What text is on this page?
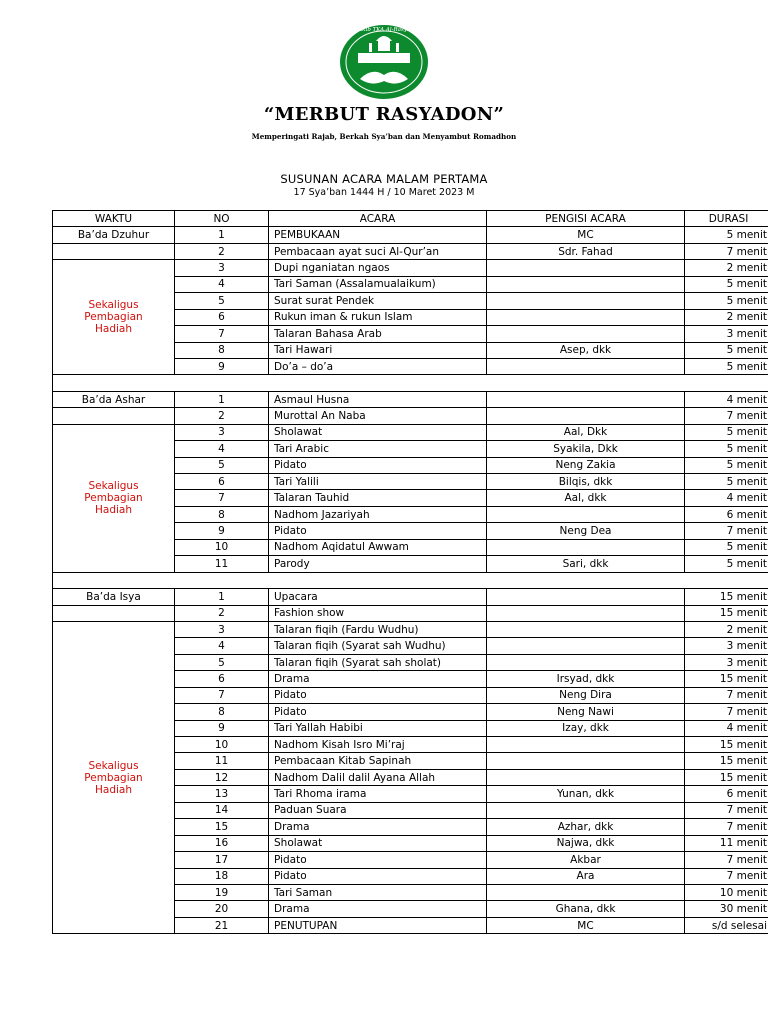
Takib TKA Al-Rasyid
“MERBUT RASYADON”
Memperingati Rajab, Berkah Sya’ban dan Menyambut Romadhon
SUSUNAN ACARA MALAM PERTAMA
17 Sya’ban 1444 H / 10 Maret 2023 M
WAKTU	NO	ACARA	PENGISI ACARA	DURASI
Ba’da Dzuhur	1	PEMBUKAAN	MC	5 menit
	2	Pembacaan ayat suci Al-Qur’an	Sdr. Fahad	7 menit

Sekaligus
Pembagian
Hadiah	3	Dupi nganiatan ngaos		2 menit
	4	Tari Saman (Assalamualaikum)		5 menit
	5	Surat surat Pendek		5 menit
	6	Rukun iman & rukun Islam		2 menit
	7	Talaran Bahasa Arab		3 menit
	8	Tari Hawari	Asep, dkk	5 menit
	9	Do’a – do’a		5 menit

Ba’da Ashar	1	Asmaul Husna		4 menit
	2	Murottal An Naba		7 menit

Sekaligus
Pembagian
Hadiah	3	Sholawat	Aal, Dkk	5 menit
	4	Tari Arabic	Syakila, Dkk	5 menit
	5	Pidato	Neng Zakia	5 menit
	6	Tari Yalili	Bilqis, dkk	5 menit
	7	Talaran Tauhid	Aal, dkk	4 menit
	8	Nadhom Jazariyah		6 menit
	9	Pidato	Neng Dea	7 menit
	10	Nadhom Aqidatul Awwam		5 menit
	11	Parody	Sari, dkk	5 menit

Ba’da Isya	1	Upacara		15 menit
	2	Fashion show		15 menit

Sekaligus
Pembagian
Hadiah	3	Talaran fiqih (Fardu Wudhu)		2 menit
	4	Talaran fiqih (Syarat sah Wudhu)		3 menit
	5	Talaran fiqih (Syarat sah sholat)		3 menit
	6	Drama	Irsyad, dkk	15 menit
	7	Pidato	Neng Dira	7 menit
	8	Pidato	Neng Nawi	7 menit
	9	Tari Yallah Habibi	Izay, dkk	4 menit
	10	Nadhom Kisah Isro Mi’raj		15 menit
	11	Pembacaan Kitab Sapinah		15 menit
	12	Nadhom Dalil dalil Ayana Allah		15 menit
	13	Tari Rhoma irama	Yunan, dkk	6 menit
	14	Paduan Suara		7 menit
	15	Drama	Azhar, dkk	7 menit
	16	Sholawat	Najwa, dkk	11 menit
	17	Pidato	Akbar	7 menit
	18	Pidato	Ara	7 menit
	19	Tari Saman		10 menit
	20	Drama	Ghana, dkk	30 menit
	21	PENUTUPAN	MC	s/d selesai
